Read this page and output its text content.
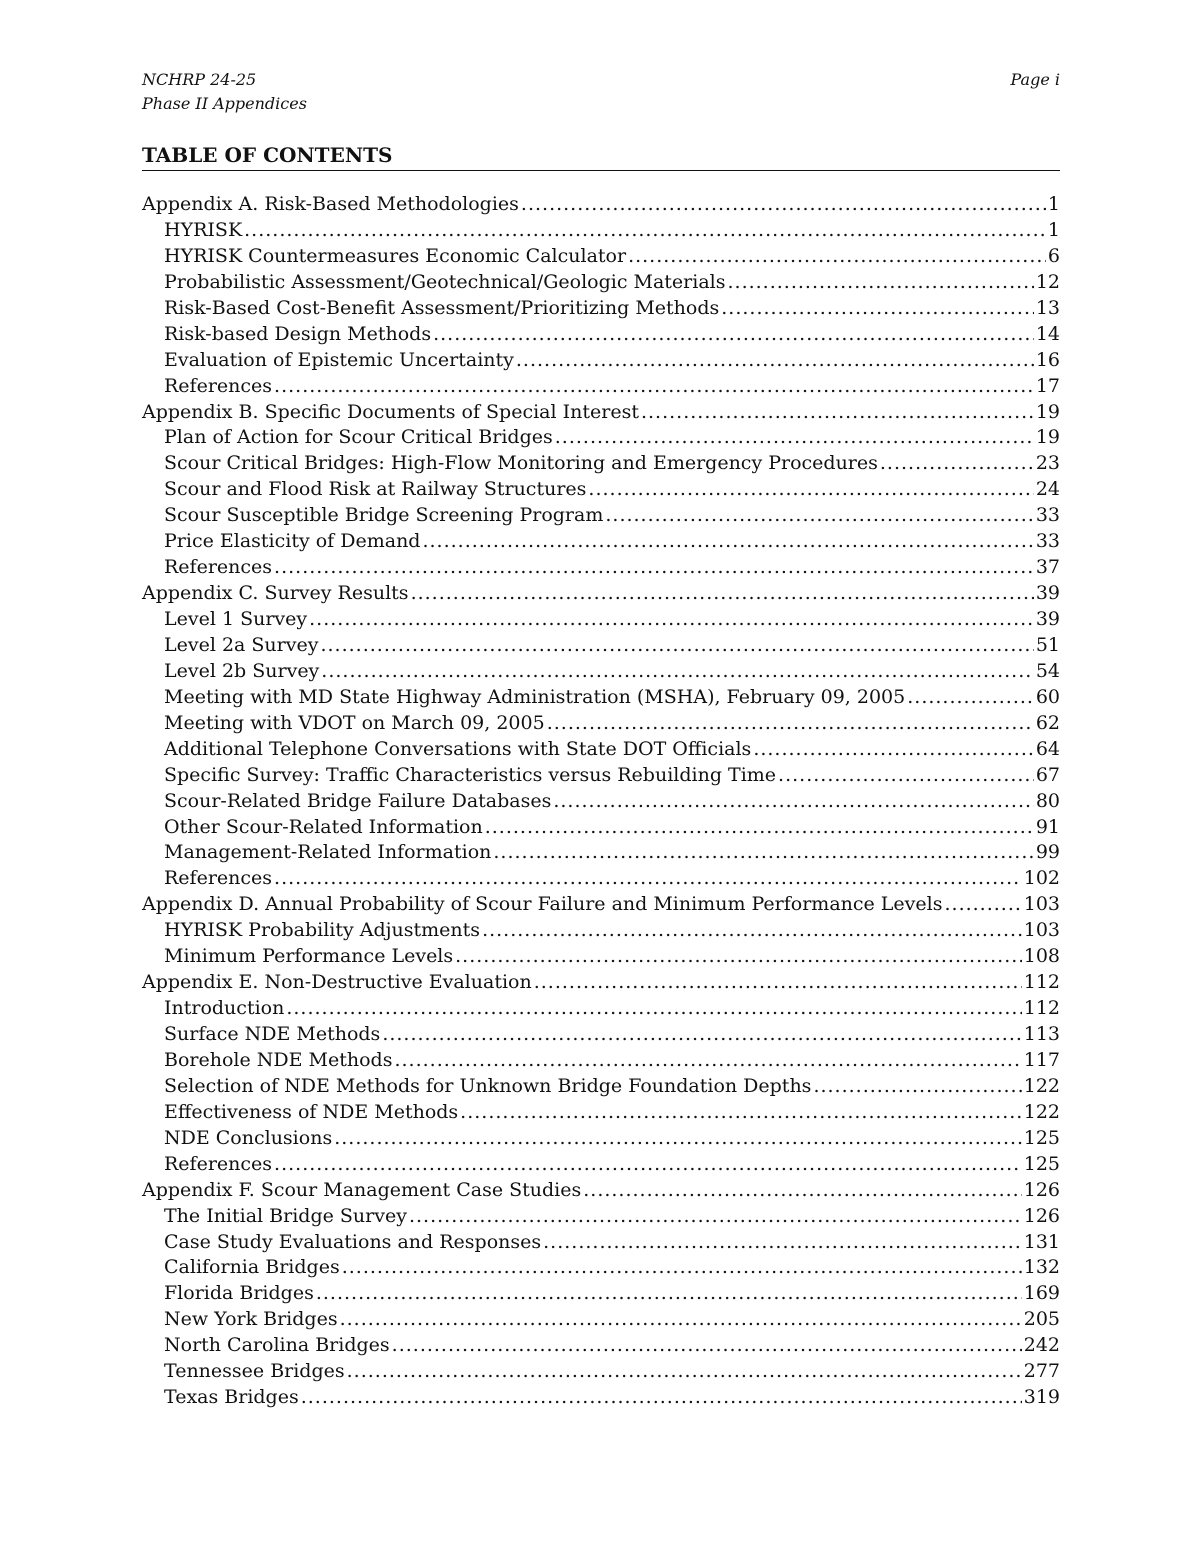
NCHRP 24-25
Phase II Appendices
Page i
TABLE OF CONTENTS
Appendix A. Risk-Based Methodologies .....	1
HYRISK .....	1
HYRISK Countermeasures Economic Calculator .....	6
Probabilistic Assessment/Geotechnical/Geologic Materials .....	12
Risk-Based Cost-Benefit Assessment/Prioritizing Methods .....	13
Risk-based Design Methods .....	14
Evaluation of Epistemic Uncertainty .....	16
References .....	17
Appendix B. Specific Documents of Special Interest .....	19
Plan of Action for Scour Critical Bridges .....	19
Scour Critical Bridges: High-Flow Monitoring and Emergency Procedures .....	23
Scour and Flood Risk at Railway Structures .....	24
Scour Susceptible Bridge Screening Program .....	33
Price Elasticity of Demand .....	33
References .....	37
Appendix C. Survey Results .....	39
Level 1 Survey .....	39
Level 2a Survey .....	51
Level 2b Survey .....	54
Meeting with MD State Highway Administration (MSHA), February 09, 2005 .....	60
Meeting with VDOT on March 09, 2005 .....	62
Additional Telephone Conversations with State DOT Officials .....	64
Specific Survey: Traffic Characteristics versus Rebuilding Time .....	67
Scour-Related Bridge Failure Databases .....	80
Other Scour-Related Information .....	91
Management-Related Information .....	99
References .....	102
Appendix D. Annual Probability of Scour Failure and Minimum Performance Levels .....	103
HYRISK Probability Adjustments .....	103
Minimum Performance Levels .....	108
Appendix E. Non-Destructive Evaluation .....	112
Introduction .....	112
Surface NDE Methods .....	113
Borehole NDE Methods .....	117
Selection of NDE Methods for Unknown Bridge Foundation Depths .....	122
Effectiveness of NDE Methods .....	122
NDE Conclusions .....	125
References .....	125
Appendix F. Scour Management Case Studies .....	126
The Initial Bridge Survey .....	126
Case Study Evaluations and Responses .....	131
California Bridges .....	132
Florida Bridges .....	169
New York Bridges .....	205
North Carolina Bridges .....	242
Tennessee Bridges .....	277
Texas Bridges .....	319
